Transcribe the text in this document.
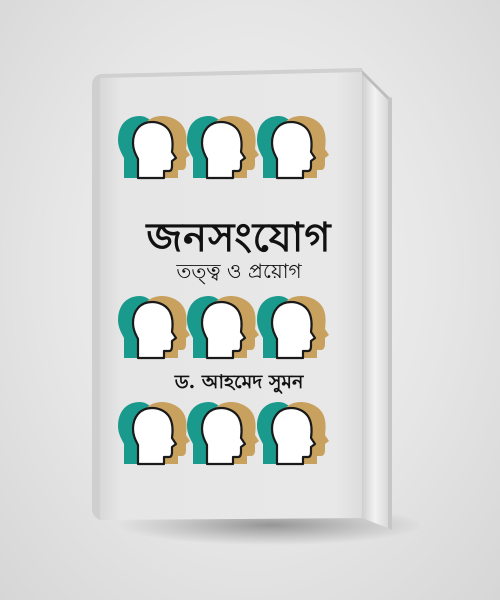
জনসংযোগ
তত্ত্ব ও প্রয়োগ
ড. আহমেদ সুমন
